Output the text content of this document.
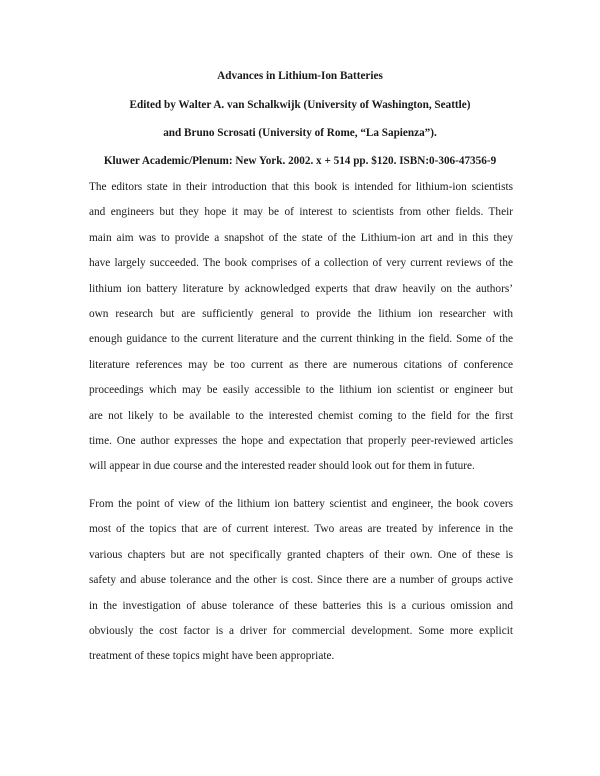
Advances in Lithium-Ion Batteries
Edited by Walter A. van Schalkwijk (University of Washington, Seattle)
and Bruno Scrosati (University of Rome, “La Sapienza”).
Kluwer Academic/Plenum: New York. 2002. x + 514 pp. $120. ISBN:0-306-47356-9
The editors state in their introduction that this book is intended for lithium-ion scientists
and engineers but they hope it may be of interest to scientists from other fields. Their
main aim was to provide a snapshot of the state of the Lithium-ion art and in this they
have largely succeeded. The book comprises of a collection of very current reviews of the
lithium ion battery literature by acknowledged experts that draw heavily on the authors’
own research but are sufficiently general to provide the lithium ion researcher with
enough guidance to the current literature and the current thinking in the field. Some of the
literature references may be too current as there are numerous citations of conference
proceedings which may be easily accessible to the lithium ion scientist or engineer but
are not likely to be available to the interested chemist coming to the field for the first
time. One author expresses the hope and expectation that properly peer-reviewed articles
will appear in due course and the interested reader should look out for them in future.
From the point of view of the lithium ion battery scientist and engineer, the book covers
most of the topics that are of current interest. Two areas are treated by inference in the
various chapters but are not specifically granted chapters of their own. One of these is
safety and abuse tolerance and the other is cost. Since there are a number of groups active
in the investigation of abuse tolerance of these batteries this is a curious omission and
obviously the cost factor is a driver for commercial development. Some more explicit
treatment of these topics might have been appropriate.
